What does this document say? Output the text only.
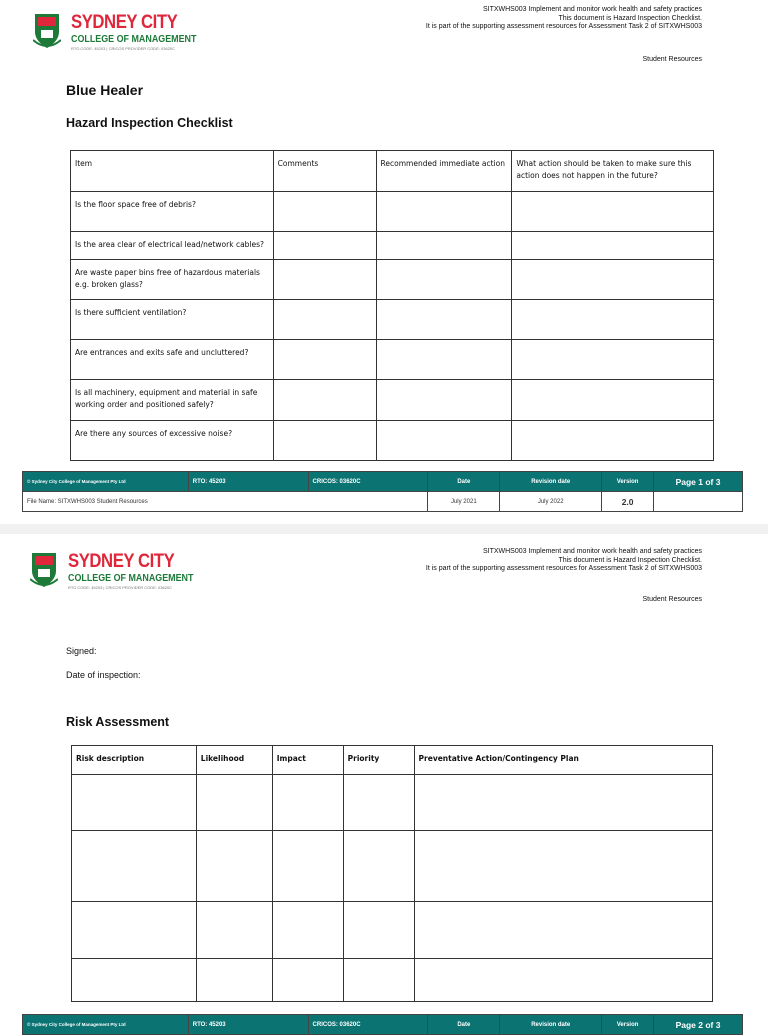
SYDNEY CITY
COLLEGE OF MANAGEMENT
RTO CODE: 45203 | CRICOS PROVIDER CODE: 03620C
SITXWHS003 Implement and monitor work health and safety practices
This document is Hazard Inspection Checklist.
It is part of the supporting assessment resources for Assessment Task 2 of SITXWHS003
Student Resources
Blue Healer
Hazard Inspection Checklist
Item	Comments	Recommended immediate action	What action should be taken to make sure this action does not happen in the future?
Is the floor space free of debris?			
Is the area clear of electrical lead/network cables?			
Are waste paper bins free of hazardous materials e.g. broken glass?			
Is there sufficient ventilation?			
Are entrances and exits safe and uncluttered?			
Is all machinery, equipment and material in safe working order and positioned safely?			
Are there any sources of excessive noise?			
© Sydney City College of Management Pty Ltd	RTO: 45203	CRICOS: 03620C	Date	Revision date	Version	Page 1 of 3
File Name: SITXWHS003 Student Resources			July 2021	July 2022	2.0	
SYDNEY CITY
COLLEGE OF MANAGEMENT
RTO CODE: 45203 | CRICOS PROVIDER CODE: 03620C
SITXWHS003 Implement and monitor work health and safety practices
This document is Hazard Inspection Checklist.
It is part of the supporting assessment resources for Assessment Task 2 of SITXWHS003
Student Resources
Signed:
Date of inspection:
Risk Assessment
Risk description	Likelihood	Impact	Priority	Preventative Action/Contingency Plan

© Sydney City College of Management Pty Ltd	RTO: 45203	CRICOS: 03620C	Date	Revision date	Version	Page 2 of 3
